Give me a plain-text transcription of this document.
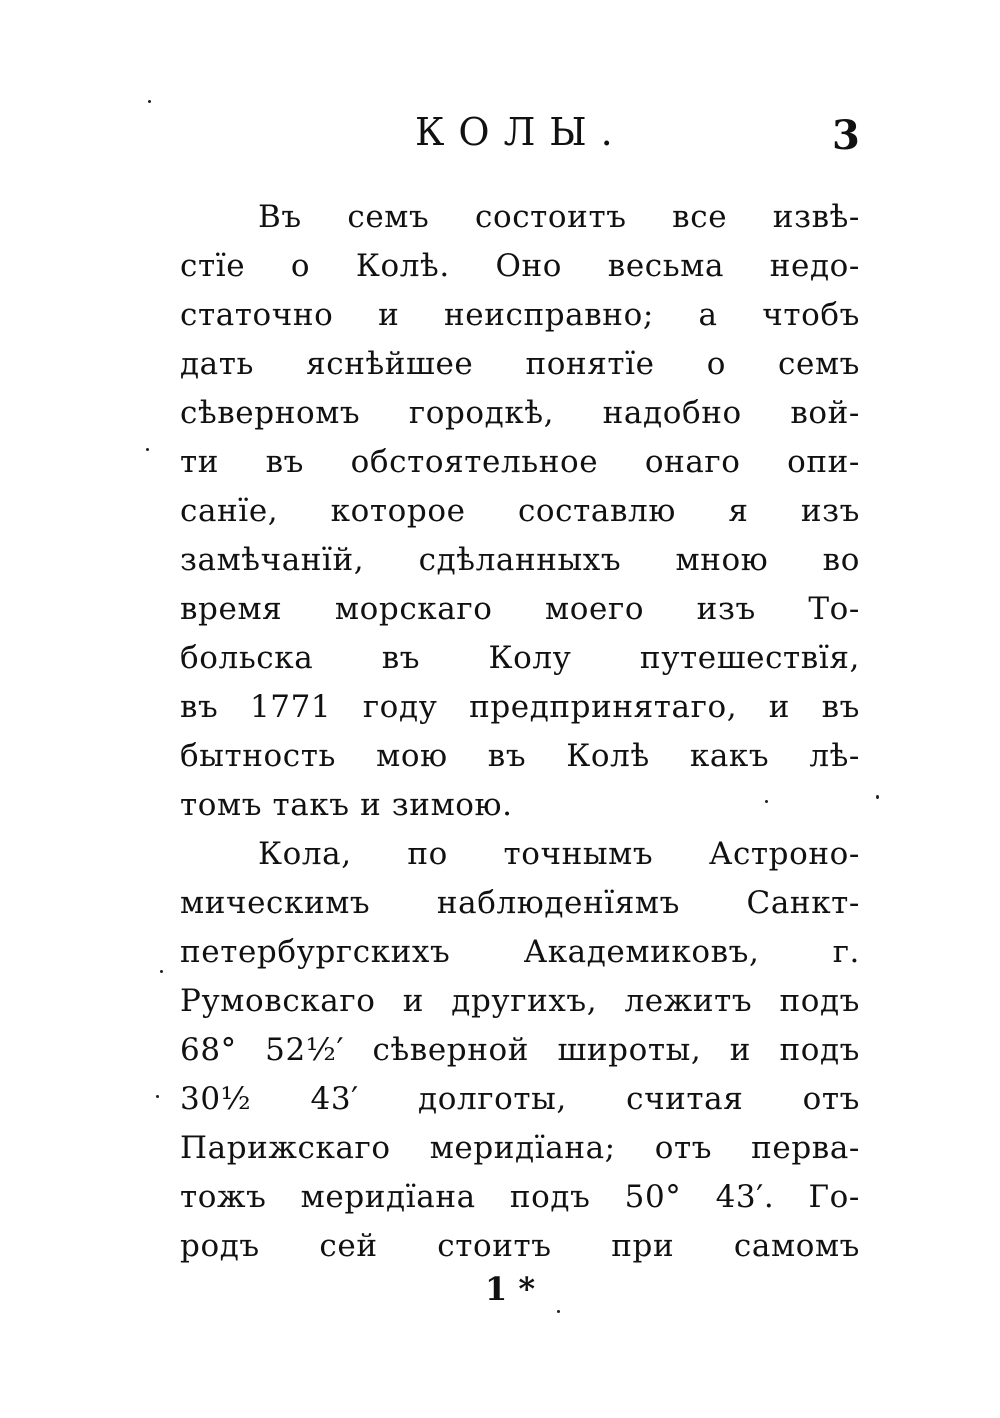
КОЛЫ.	3
Въ семъ состоитъ все извѣ-
стїе о Колѣ. Оно весьма недо-
статочно и неисправно; а чтобъ
дать яснѣйшее понятїе о семъ
сѣверномъ городкѣ, надобно вой-
ти въ обстоятельное онаго опи-
санїе, которое составлю я изъ
замѣчанїй, сдѣланныхъ мною во
время морскаго моего изъ То-
больска въ Колу путешествїя,
въ 1771 году предпринятаго, и въ
бытность мою въ Колѣ какъ лѣ-
томъ такъ и зимою.
Кола, по точнымъ Астроно-
мическимъ наблюденїямъ Санкт-
петербургскихъ Академиковъ, г.
Румовскаго и другихъ, лежитъ подъ
68° 52½′ сѣверной широты, и подъ
30½ 43′ долготы, считая отъ
Парижскаго меридїана; отъ перва-
тожъ меридїана подъ 50° 43′. Го-
родъ сей стоитъ при самомъ
1 *
